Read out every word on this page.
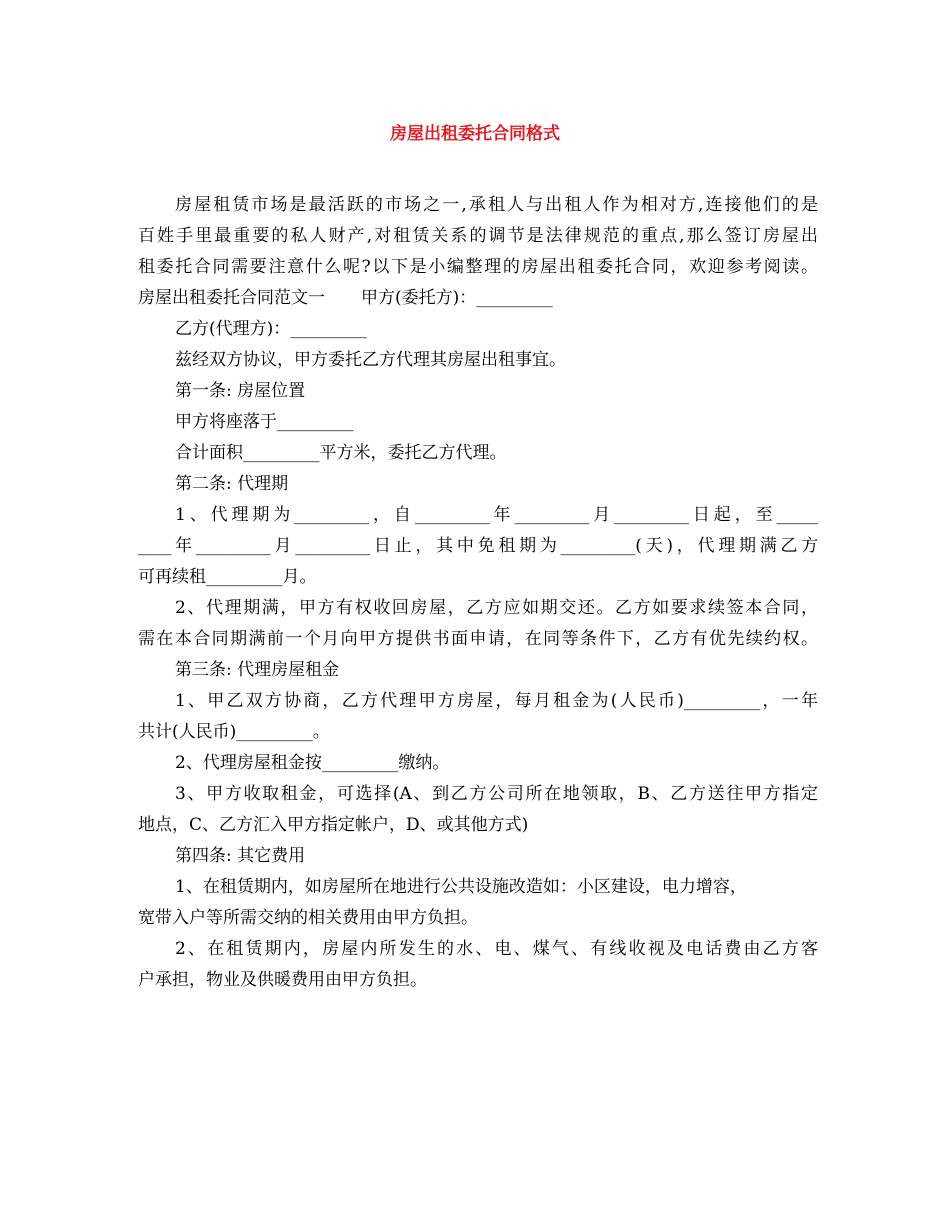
房屋出租委托合同格式
房屋租赁市场是最活跃的市场之一,承租人与出租人作为相对方,连接他们的是
百姓手里最重要的私人财产,对租赁关系的调节是法律规范的重点,那么签订房屋出
租委托合同需要注意什么呢?以下是小编整理的房屋出租委托合同，欢迎参考阅读。
房屋出租委托合同范文一 甲方(委托方)：_________
乙方(代理方)：_________
兹经双方协议，甲方委托乙方代理其房屋出租事宜。
第一条: 房屋位置
甲方将座落于_________
合计面积_________平方米，委托乙方代理。
第二条: 代理期
1、代理期为_________，自_________年_________月_________日起，至_____
____年_________月_________日止，其中免租期为_________(天)，代理期满乙方
可再续租_________月。
2、代理期满，甲方有权收回房屋，乙方应如期交还。乙方如要求续签本合同，
需在本合同期满前一个月向甲方提供书面申请，在同等条件下，乙方有优先续约权。
第三条: 代理房屋租金
1、甲乙双方协商，乙方代理甲方房屋，每月租金为(人民币)_________，一年
共计(人民币)_________。
2、代理房屋租金按_________缴纳。
3、甲方收取租金，可选择(A、到乙方公司所在地领取，B、乙方送往甲方指定
地点，C、乙方汇入甲方指定帐户，D、或其他方式)
第四条: 其它费用
1、在租赁期内，如房屋所在地进行公共设施改造如：小区建设，电力增容，
宽带入户等所需交纳的相关费用由甲方负担。
2、在租赁期内，房屋内所发生的水、电、煤气、有线收视及电话费由乙方客
户承担，物业及供暖费用由甲方负担。
